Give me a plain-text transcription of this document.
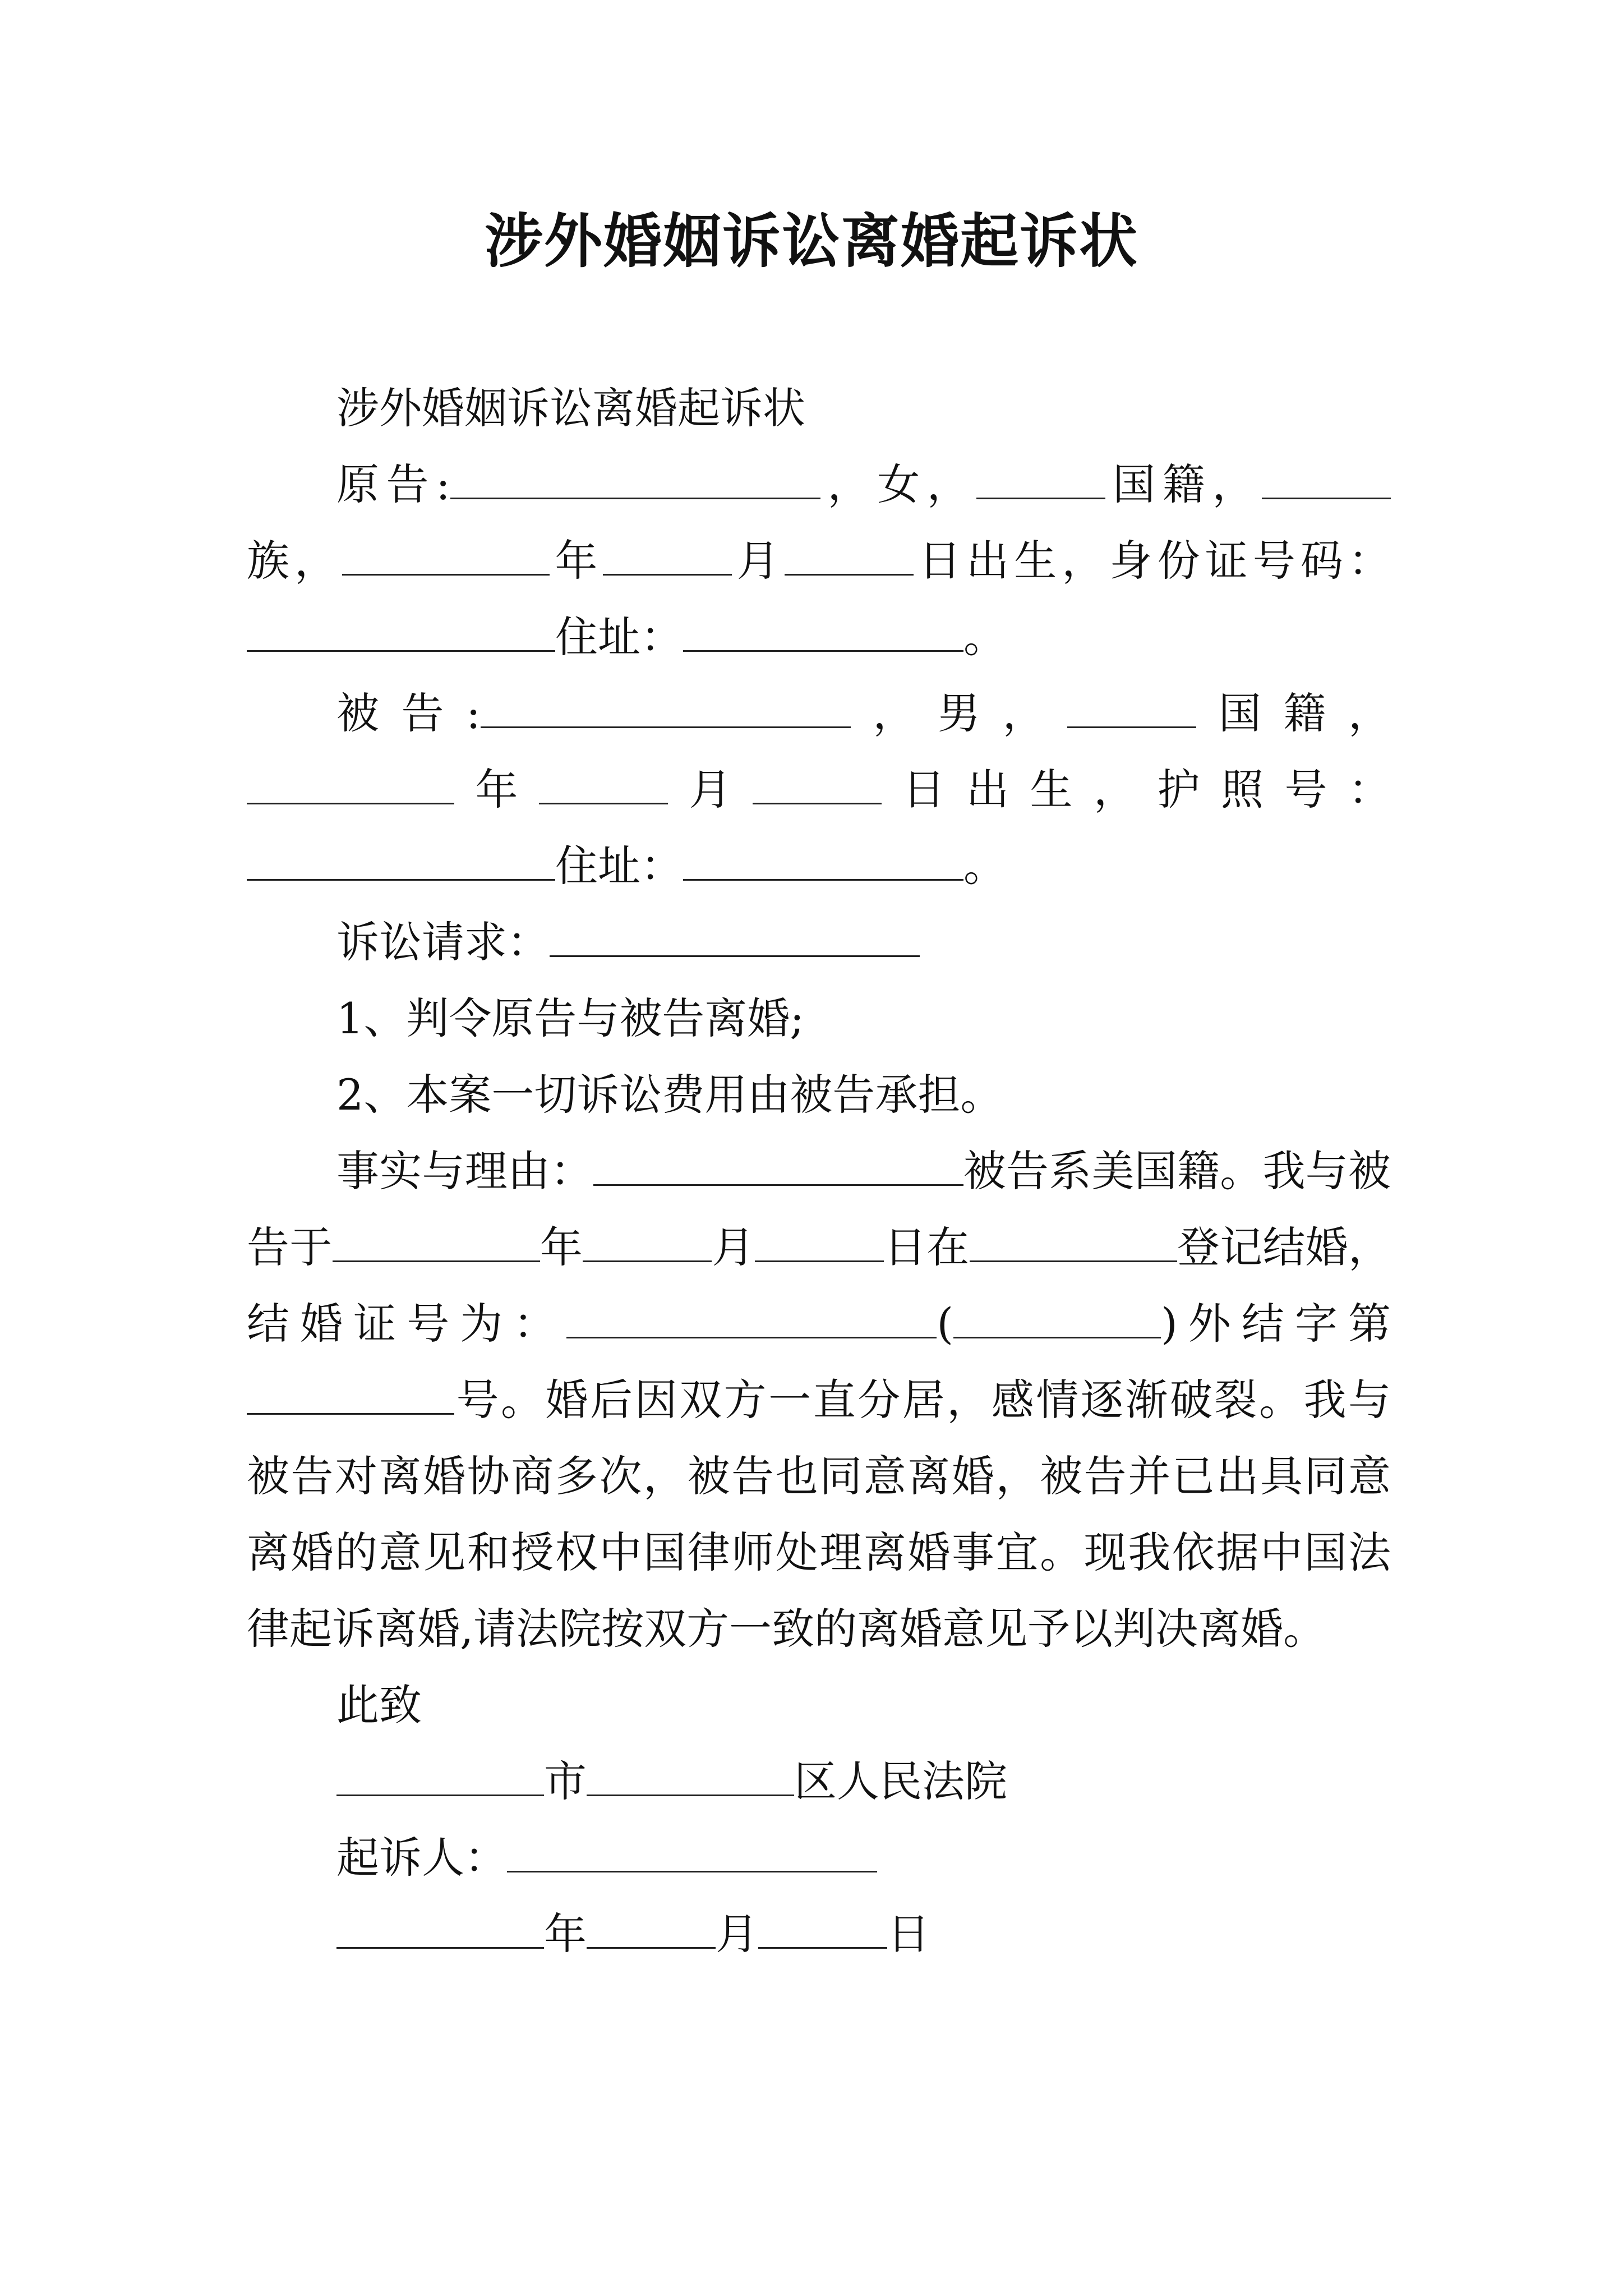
涉外婚姻诉讼离婚起诉状

涉外婚姻诉讼离婚起诉状

原告:	，女，	国籍，族，	年	月	日出生，身份证号码：住址：	。

被告:	，男，	国籍，年	月	日出生，护照号：住址：	。

诉讼请求：

1、判令原告与被告离婚;

2、本案一切诉讼费用由被告承担。

事实与理由：	被告系美国籍。我与被告于	年	月	日在	登记结婚，结婚证号为：	(	)外结字第号。婚后因双方一直分居，感情逐渐破裂。我与被告对离婚协商多次，被告也同意离婚，被告并已出具同意离婚的意见和授权中国律师处理离婚事宜。现我依据中国法律起诉离婚,请法院按双方一致的离婚意见予以判决离婚。

此致

市	区人民法院

起诉人：

年	月	日
